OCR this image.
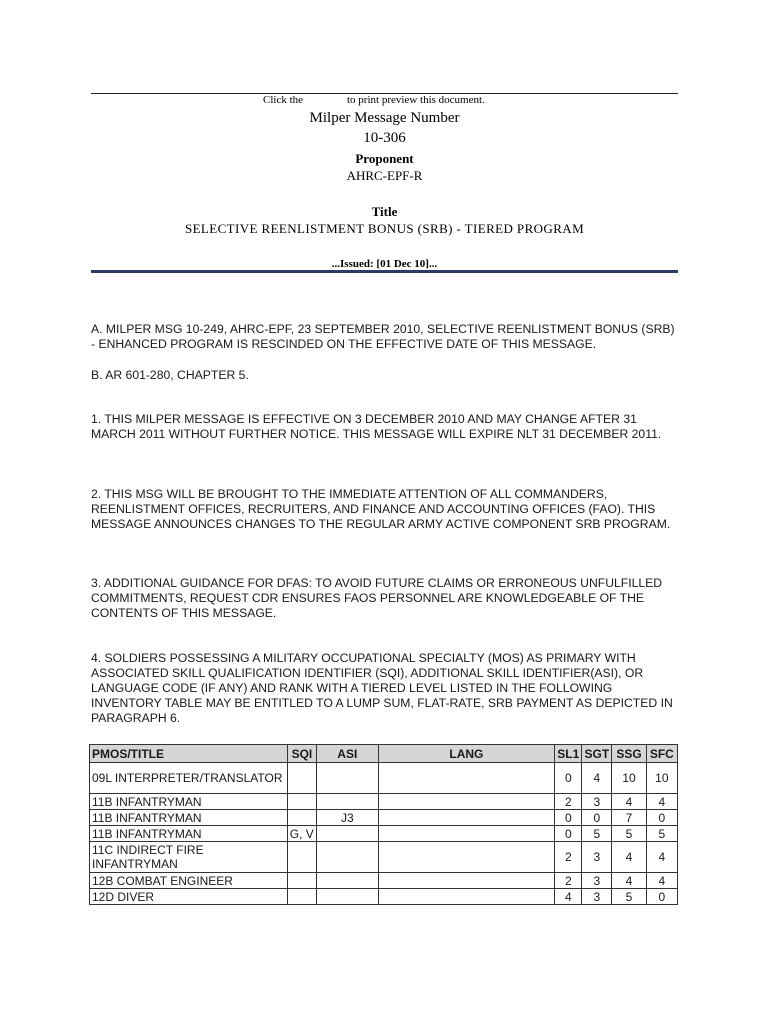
Click the	to print preview this document.
Milper Message Number
10-306
Proponent
AHRC-EPF-R
Title
SELECTIVE REENLISTMENT BONUS (SRB) - TIERED PROGRAM
...Issued: [01 Dec 10]...

A. MILPER MSG 10-249, AHRC-EPF, 23 SEPTEMBER 2010, SELECTIVE REENLISTMENT BONUS (SRB) - ENHANCED PROGRAM IS RESCINDED ON THE EFFECTIVE DATE OF THIS MESSAGE.

B. AR 601-280, CHAPTER 5.

1. THIS MILPER MESSAGE IS EFFECTIVE ON 3 DECEMBER 2010 AND MAY CHANGE AFTER 31 MARCH 2011 WITHOUT FURTHER NOTICE. THIS MESSAGE WILL EXPIRE NLT 31 DECEMBER 2011.

2. THIS MSG WILL BE BROUGHT TO THE IMMEDIATE ATTENTION OF ALL COMMANDERS, REENLISTMENT OFFICES, RECRUITERS, AND FINANCE AND ACCOUNTING OFFICES (FAO). THIS MESSAGE ANNOUNCES CHANGES TO THE REGULAR ARMY ACTIVE COMPONENT SRB PROGRAM.

3. ADDITIONAL GUIDANCE FOR DFAS: TO AVOID FUTURE CLAIMS OR ERRONEOUS UNFULFILLED COMMITMENTS, REQUEST CDR ENSURES FAOS PERSONNEL ARE KNOWLEDGEABLE OF THE CONTENTS OF THIS MESSAGE.

4. SOLDIERS POSSESSING A MILITARY OCCUPATIONAL SPECIALTY (MOS) AS PRIMARY WITH ASSOCIATED SKILL QUALIFICATION IDENTIFIER (SQI), ADDITIONAL SKILL IDENTIFIER(ASI), OR LANGUAGE CODE (IF ANY) AND RANK WITH A TIERED LEVEL LISTED IN THE FOLLOWING INVENTORY TABLE MAY BE ENTITLED TO A LUMP SUM, FLAT-RATE, SRB PAYMENT AS DEPICTED IN PARAGRAPH 6.

PMOS/TITLE	SQI	ASI	LANG	SL1	SGT	SSG	SFC
09L INTERPRETER/TRANSLATOR				0	4	10	10
11B INFANTRYMAN				2	3	4	4
11B INFANTRYMAN		J3		0	0	7	0
11B INFANTRYMAN	G, V			0	5	5	5
11C INDIRECT FIRE INFANTRYMAN				2	3	4	4
12B COMBAT ENGINEER				2	3	4	4
12D DIVER				4	3	5	0
